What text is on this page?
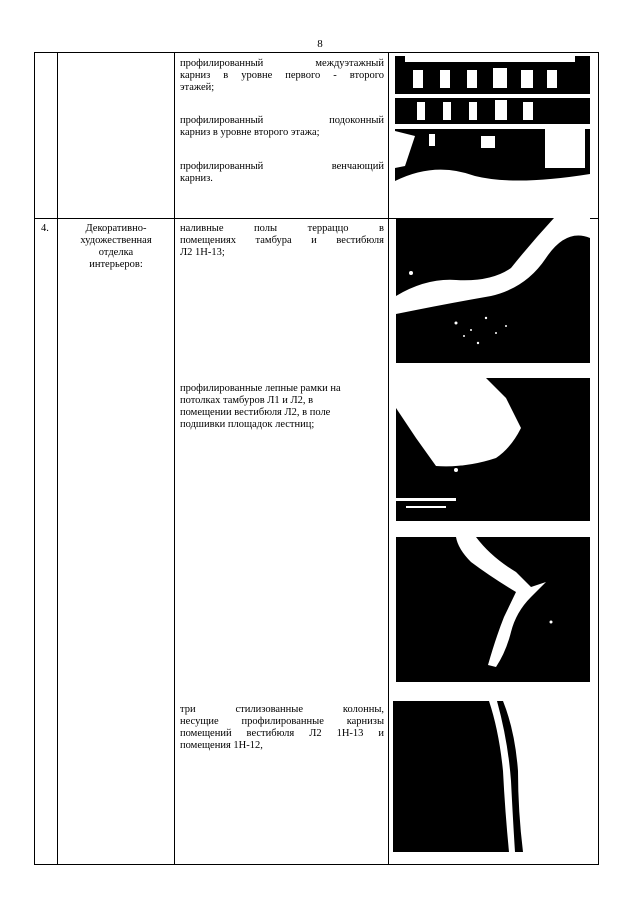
8
профилированный междуэтажный
карниз в уровне первого - второго
этажей;
профилированный подоконный
карниз в уровне второго этажа;
профилированный венчающий
карниз.
4.	Декоративно-
художественная
отделка
интерьеров:
наливные полы терраццо в
помещениях тамбура и вестибюля
Л2 1Н-13;
профилированные лепные рамки на
потолках тамбуров Л1 и Л2, в
помещении вестибюля Л2, в поле
подшивки площадок лестниц;
три стилизованные колонны,
несущие профилированные карнизы
помещений вестибюля Л2 1Н-13 и
помещения 1Н-12,
